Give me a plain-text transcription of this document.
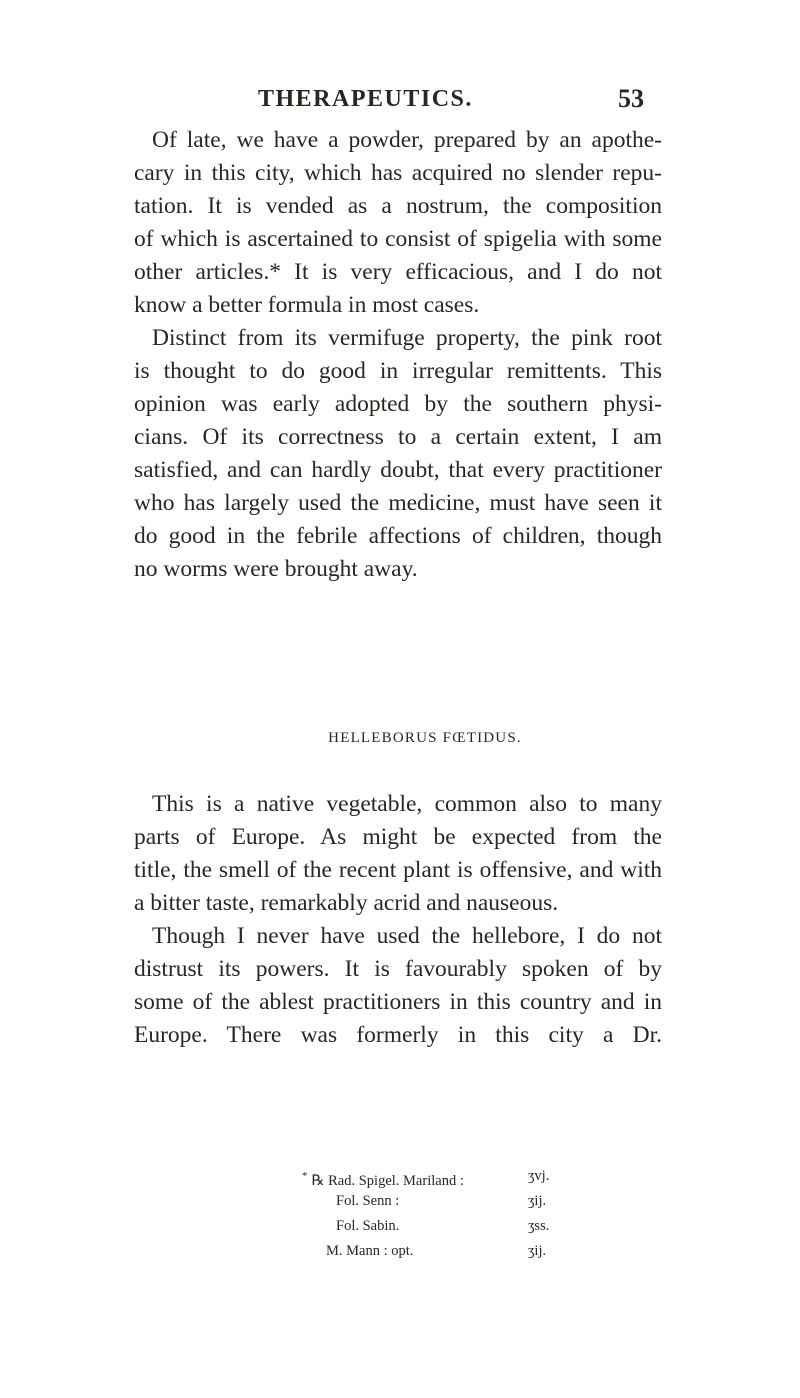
THERAPEUTICS.	53
Of late, we have a powder, prepared by an apothe-
cary in this city, which has acquired no slender repu-
tation. It is vended as a nostrum, the composition
of which is ascertained to consist of spigelia with some
other articles.* It is very efficacious, and I do not
know a better formula in most cases.
Distinct from its vermifuge property, the pink root
is thought to do good in irregular remittents. This
opinion was early adopted by the southern physi-
cians. Of its correctness to a certain extent, I am
satisfied, and can hardly doubt, that every practitioner
who has largely used the medicine, must have seen it
do good in the febrile affections of children, though
no worms were brought away.
HELLEBORUS FŒTIDUS.
This is a native vegetable, common also to many
parts of Europe. As might be expected from the
title, the smell of the recent plant is offensive, and with
a bitter taste, remarkably acrid and nauseous.
Though I never have used the hellebore, I do not
distrust its powers. It is favourably spoken of by
some of the ablest practitioners in this country and in
Europe. There was formerly in this city a Dr.
* ℞ Rad. Spigel. Mariland :	ʒvj.
Fol. Senn :	ʒij.
Fol. Sabin.	ʒss.
M. Mann : opt.	ʒij.
